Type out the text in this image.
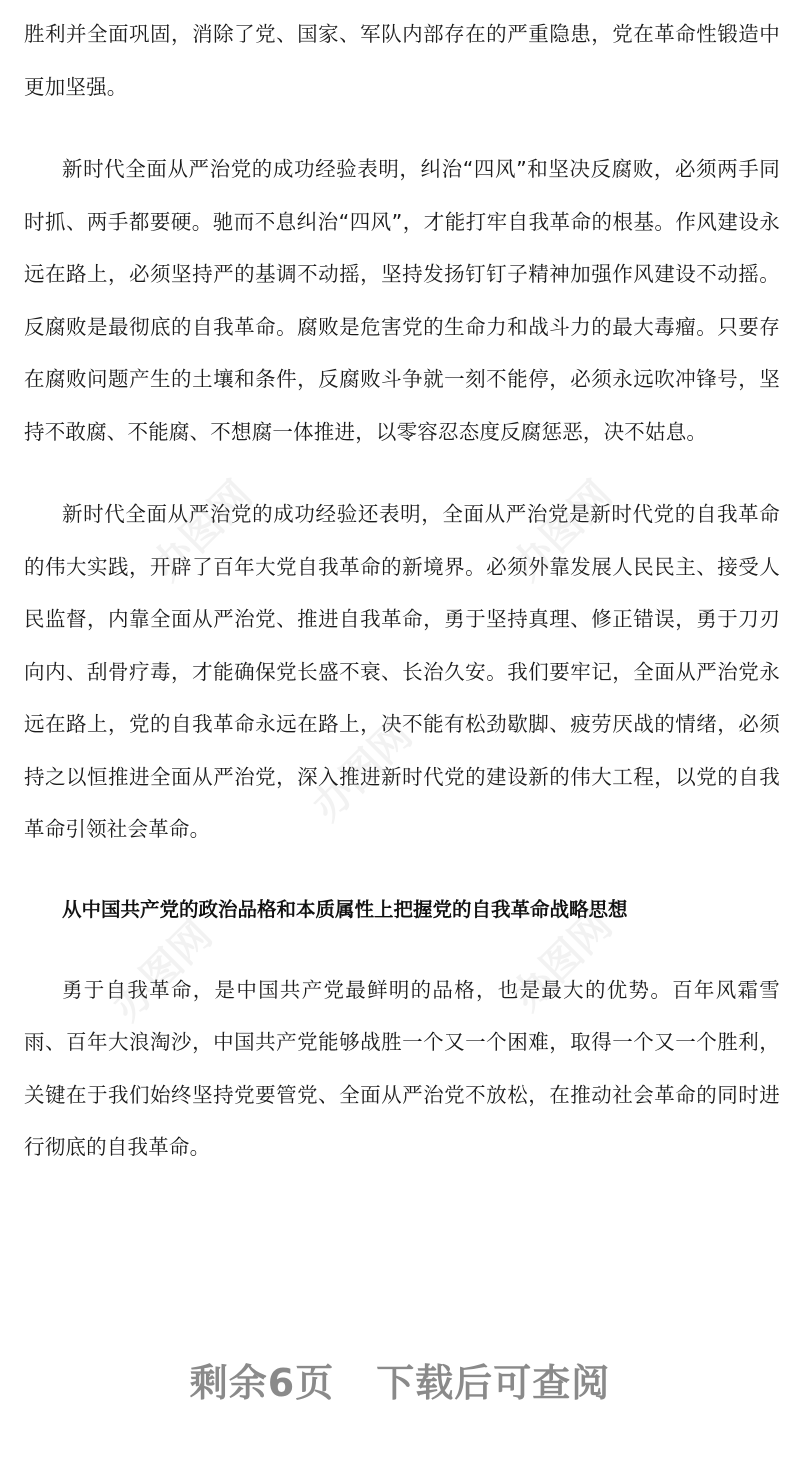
胜利并全面巩固，消除了党、国家、军队内部存在的严重隐患，党在革命性锻造中更加坚强。

新时代全面从严治党的成功经验表明，纠治“四风”和坚决反腐败，必须两手同时抓、两手都要硬。驰而不息纠治“四风”，才能打牢自我革命的根基。作风建设永远在路上，必须坚持严的基调不动摇，坚持发扬钉钉子精神加强作风建设不动摇。反腐败是最彻底的自我革命。腐败是危害党的生命力和战斗力的最大毒瘤。只要存在腐败问题产生的土壤和条件，反腐败斗争就一刻不能停，必须永远吹冲锋号，坚持不敢腐、不能腐、不想腐一体推进，以零容忍态度反腐惩恶，决不姑息。

新时代全面从严治党的成功经验还表明，全面从严治党是新时代党的自我革命的伟大实践，开辟了百年大党自我革命的新境界。必须外靠发展人民民主、接受人民监督，内靠全面从严治党、推进自我革命，勇于坚持真理、修正错误，勇于刀刃向内、刮骨疗毒，才能确保党长盛不衰、长治久安。我们要牢记，全面从严治党永远在路上，党的自我革命永远在路上，决不能有松劲歇脚、疲劳厌战的情绪，必须持之以恒推进全面从严治党，深入推进新时代党的建设新的伟大工程，以党的自我革命引领社会革命。

从中国共产党的政治品格和本质属性上把握党的自我革命战略思想

勇于自我革命，是中国共产党最鲜明的品格，也是最大的优势。百年风霜雪雨、百年大浪淘沙，中国共产党能够战胜一个又一个困难，取得一个又一个胜利，关键在于我们始终坚持党要管党、全面从严治党不放松，在推动社会革命的同时进行彻底的自我革命。

办图网	办图网
办图网
办图网	办图网
剩余6页 下载后可查阅
